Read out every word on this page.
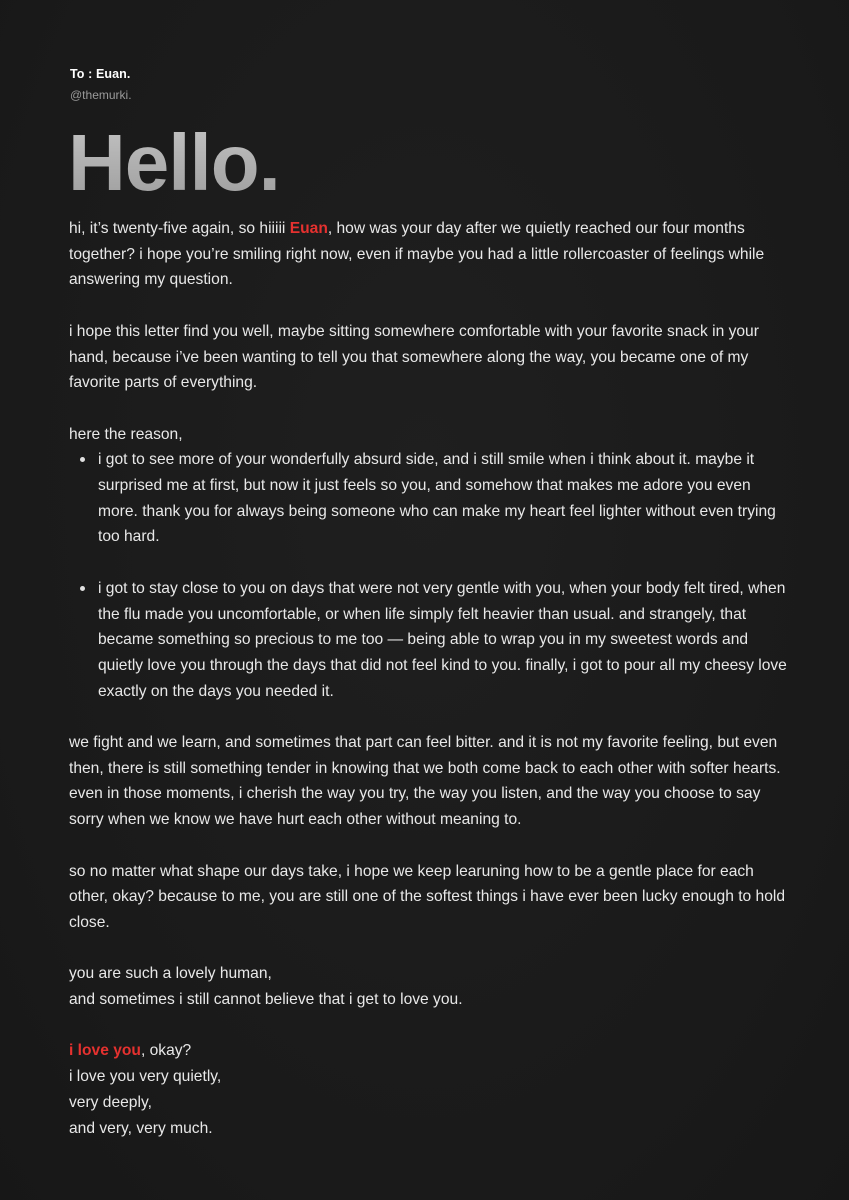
To : Euan.
@themurki.
Hello.

hi, it’s twenty-five again, so hiiiii Euan, how was your day after we quietly reached our four months together? i hope you’re smiling right now, even if maybe you had a little rollercoaster of feelings while answering my question.

i hope this letter find you well, maybe sitting somewhere comfortable with your favorite snack in your hand, because i’ve been wanting to tell you that somewhere along the way, you became one of my favorite parts of everything.

here the reason,

i got to see more of your wonderfully absurd side, and i still smile when i think about it. maybe it surprised me at first, but now it just feels so you, and somehow that makes me adore you even more. thank you for always being someone who can make my heart feel lighter without even trying too hard.
i got to stay close to you on days that were not very gentle with you, when your body felt tired, when the flu made you uncomfortable, or when life simply felt heavier than usual. and strangely, that became something so precious to me too — being able to wrap you in my sweetest words and quietly love you through the days that did not feel kind to you. finally, i got to pour all my cheesy love exactly on the days you needed it.

we fight and we learn, and sometimes that part can feel bitter. and it is not my favorite feeling, but even then, there is still something tender in knowing that we both come back to each other with softer hearts. even in those moments, i cherish the way you try, the way you listen, and the way you choose to say sorry when we know we have hurt each other without meaning to.

so no matter what shape our days take, i hope we keep learuning how to be a gentle place for each other, okay? because to me, you are still one of the softest things i have ever been lucky enough to hold close.

you are such a lovely human,
and sometimes i still cannot believe that i get to love you.
i love you, okay?
i love you very quietly,
very deeply,
and very, very much.
